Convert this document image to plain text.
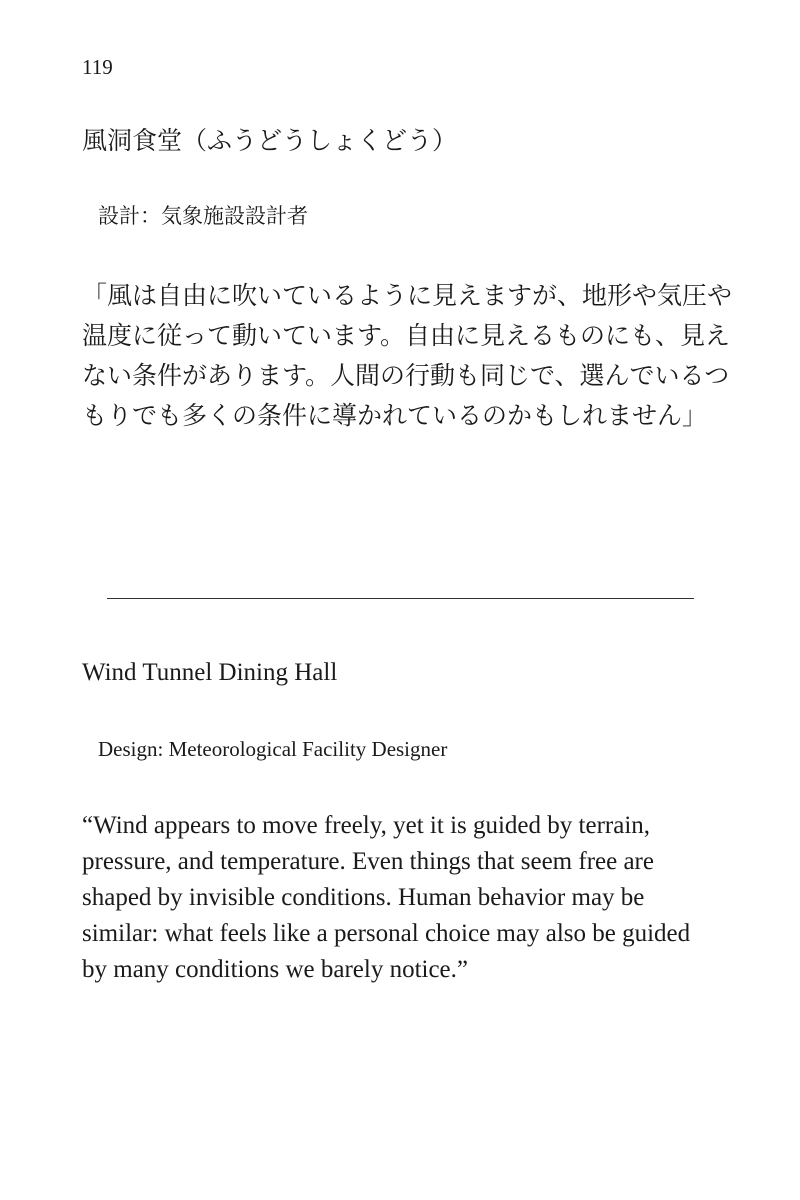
119
風洞食堂（ふうどうしょくどう）
設計：気象施設設計者

「風は自由に吹いているように見えますが、地形や気圧や温度に従って動いています。自由に見えるものにも、見えない条件があります。人間の行動も同じで、選んでいるつもりでも多くの条件に導かれているのかもしれません」

Wind Tunnel Dining Hall
Design: Meteorological Facility Designer

“Wind appears to move freely, yet it is guided by terrain, pressure, and temperature. Even things that seem free are shaped by invisible conditions. Human behavior may be similar: what feels like a personal choice may also be guided by many conditions we barely notice.”
